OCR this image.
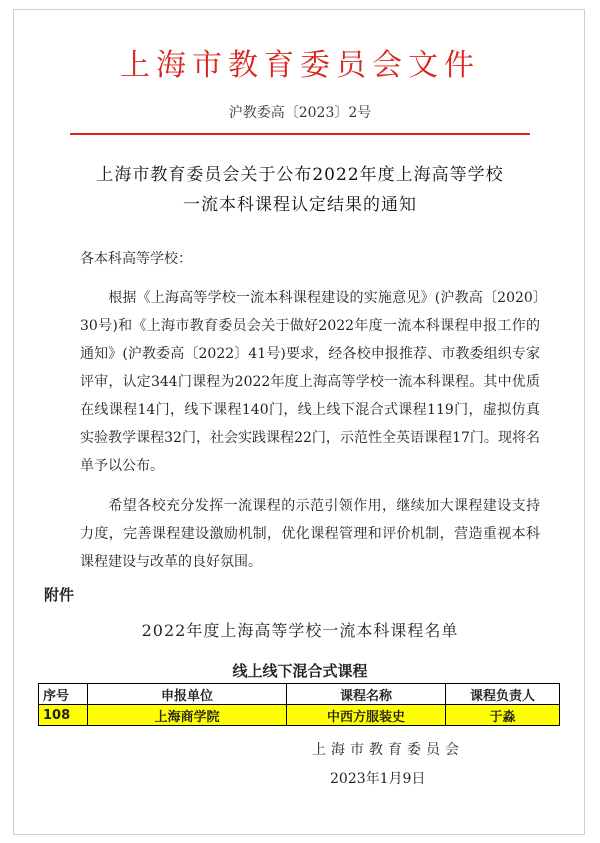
上海市教育委员会文件
沪教委高〔2023〕2号
上海市教育委员会关于公布2022年度上海高等学校
一流本科课程认定结果的通知
各本科高等学校：
根据《上海高等学校一流本科课程建设的实施意见》(沪教高〔2020〕30号)和《上海市教育委员会关于做好2022年度一流本科课程申报工作的通知》(沪教委高〔2022〕41号)要求，经各校申报推荐、市教委组织专家评审，认定344门课程为2022年度上海高等学校一流本科课程。其中优质在线课程14门，线下课程140门，线上线下混合式课程119门，虚拟仿真实验教学课程32门，社会实践课程22门，示范性全英语课程17门。现将名单予以公布。
希望各校充分发挥一流课程的示范引领作用，继续加大课程建设支持力度，完善课程建设激励机制，优化课程管理和评价机制，营造重视本科课程建设与改革的良好氛围。
附件
2022年度上海高等学校一流本科课程名单
线上线下混合式课程
序号	申报单位	课程名称	课程负责人
108	上海商学院	中西方服装史	于淼
上海市教育委员会
2023年1月9日
